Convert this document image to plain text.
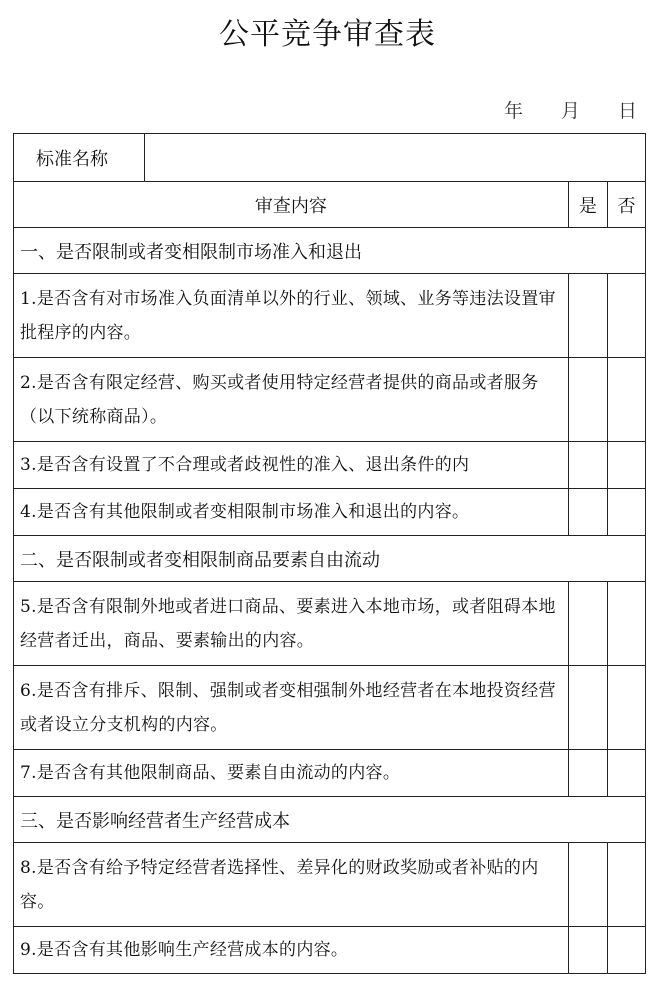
公平竞争审查表
年 月 日
标准名称	

审查内容	是	否
一、是否限制或者变相限制市场准入和退出
1.是否含有对市场准入负面清单以外的行业、领域、业务等违法设置审批程序的内容。		
2.是否含有限定经营、购买或者使用特定经营者提供的商品或者服务（以下统称商品）。		
3.是否含有设置了不合理或者歧视性的准入、退出条件的内		
4.是否含有其他限制或者变相限制市场准入和退出的内容。		
二、是否限制或者变相限制商品要素自由流动
5.是否含有限制外地或者进口商品、要素进入本地市场，或者阻碍本地经营者迁出，商品、要素输出的内容。		
6.是否含有排斥、限制、强制或者变相强制外地经营者在本地投资经营或者设立分支机构的内容。		
7.是否含有其他限制商品、要素自由流动的内容。		
三、是否影响经营者生产经营成本
8.是否含有给予特定经营者选择性、差异化的财政奖励或者补贴的内容。		
9.是否含有其他影响生产经营成本的内容。		
